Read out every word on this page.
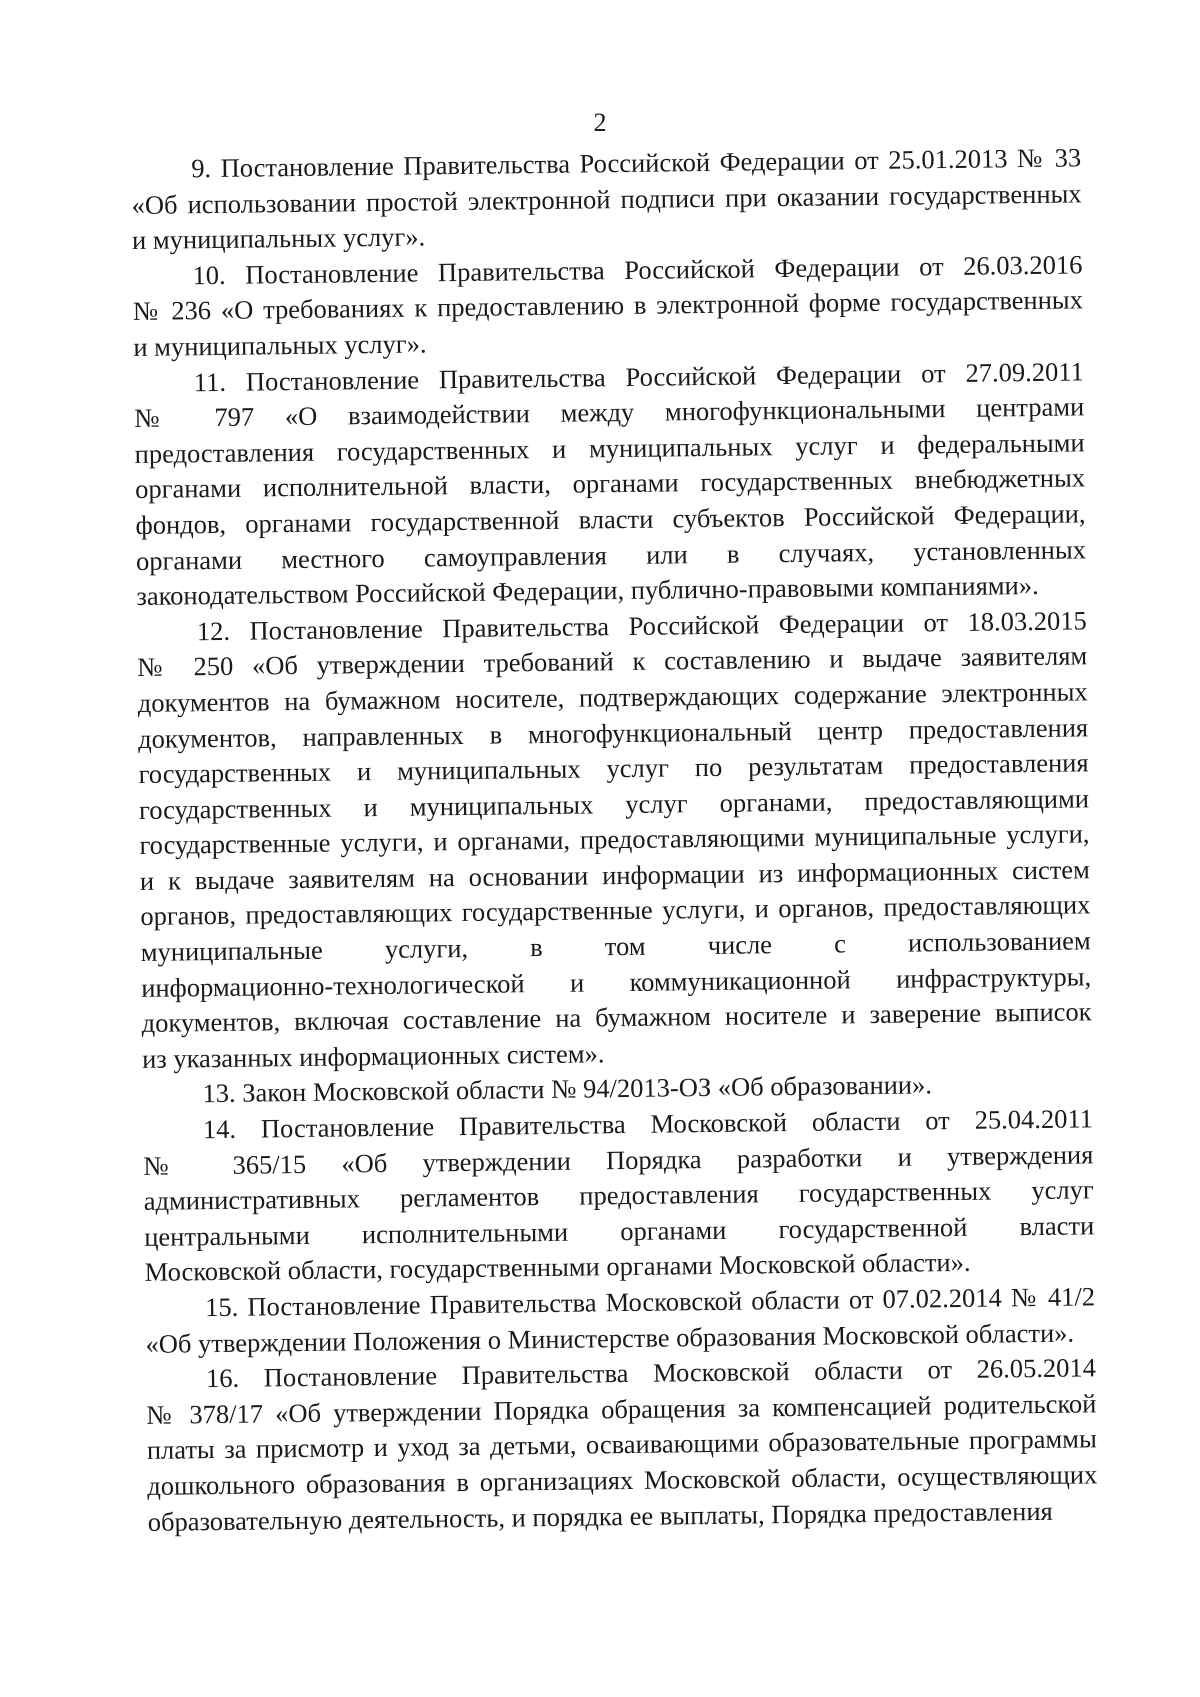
2
9. Постановление Правительства Российской Федерации от 25.01.2013 № 33
«Об использовании простой электронной подписи при оказании государственных
и муниципальных услуг».
10. Постановление Правительства Российской Федерации от 26.03.2016
№ 236 «О требованиях к предоставлению в электронной форме государственных
и муниципальных услуг».
11. Постановление Правительства Российской Федерации от 27.09.2011
№ 797 «О взаимодействии между многофункциональными центрами
предоставления государственных и муниципальных услуг и федеральными
органами исполнительной власти, органами государственных внебюджетных
фондов, органами государственной власти субъектов Российской Федерации,
органами местного самоуправления или в случаях, установленных
законодательством Российской Федерации, публично-правовыми компаниями».
12. Постановление Правительства Российской Федерации от 18.03.2015
№ 250 «Об утверждении требований к составлению и выдаче заявителям
документов на бумажном носителе, подтверждающих содержание электронных
документов, направленных в многофункциональный центр предоставления
государственных и муниципальных услуг по результатам предоставления
государственных и муниципальных услуг органами, предоставляющими
государственные услуги, и органами, предоставляющими муниципальные услуги,
и к выдаче заявителям на основании информации из информационных систем
органов, предоставляющих государственные услуги, и органов, предоставляющих
муниципальные услуги, в том числе с использованием
информационно-технологической и коммуникационной инфраструктуры,
документов, включая составление на бумажном носителе и заверение выписок
из указанных информационных систем».
13. Закон Московской области № 94/2013-ОЗ «Об образовании».
14. Постановление Правительства Московской области от 25.04.2011
№ 365/15 «Об утверждении Порядка разработки и утверждения
административных регламентов предоставления государственных услуг
центральными исполнительными органами государственной власти
Московской области, государственными органами Московской области».
15. Постановление Правительства Московской области от 07.02.2014 № 41/2
«Об утверждении Положения о Министерстве образования Московской области».
16. Постановление Правительства Московской области от 26.05.2014
№ 378/17 «Об утверждении Порядка обращения за компенсацией родительской
платы за присмотр и уход за детьми, осваивающими образовательные программы
дошкольного образования в организациях Московской области, осуществляющих
образовательную деятельность, и порядка ее выплаты, Порядка предоставления
